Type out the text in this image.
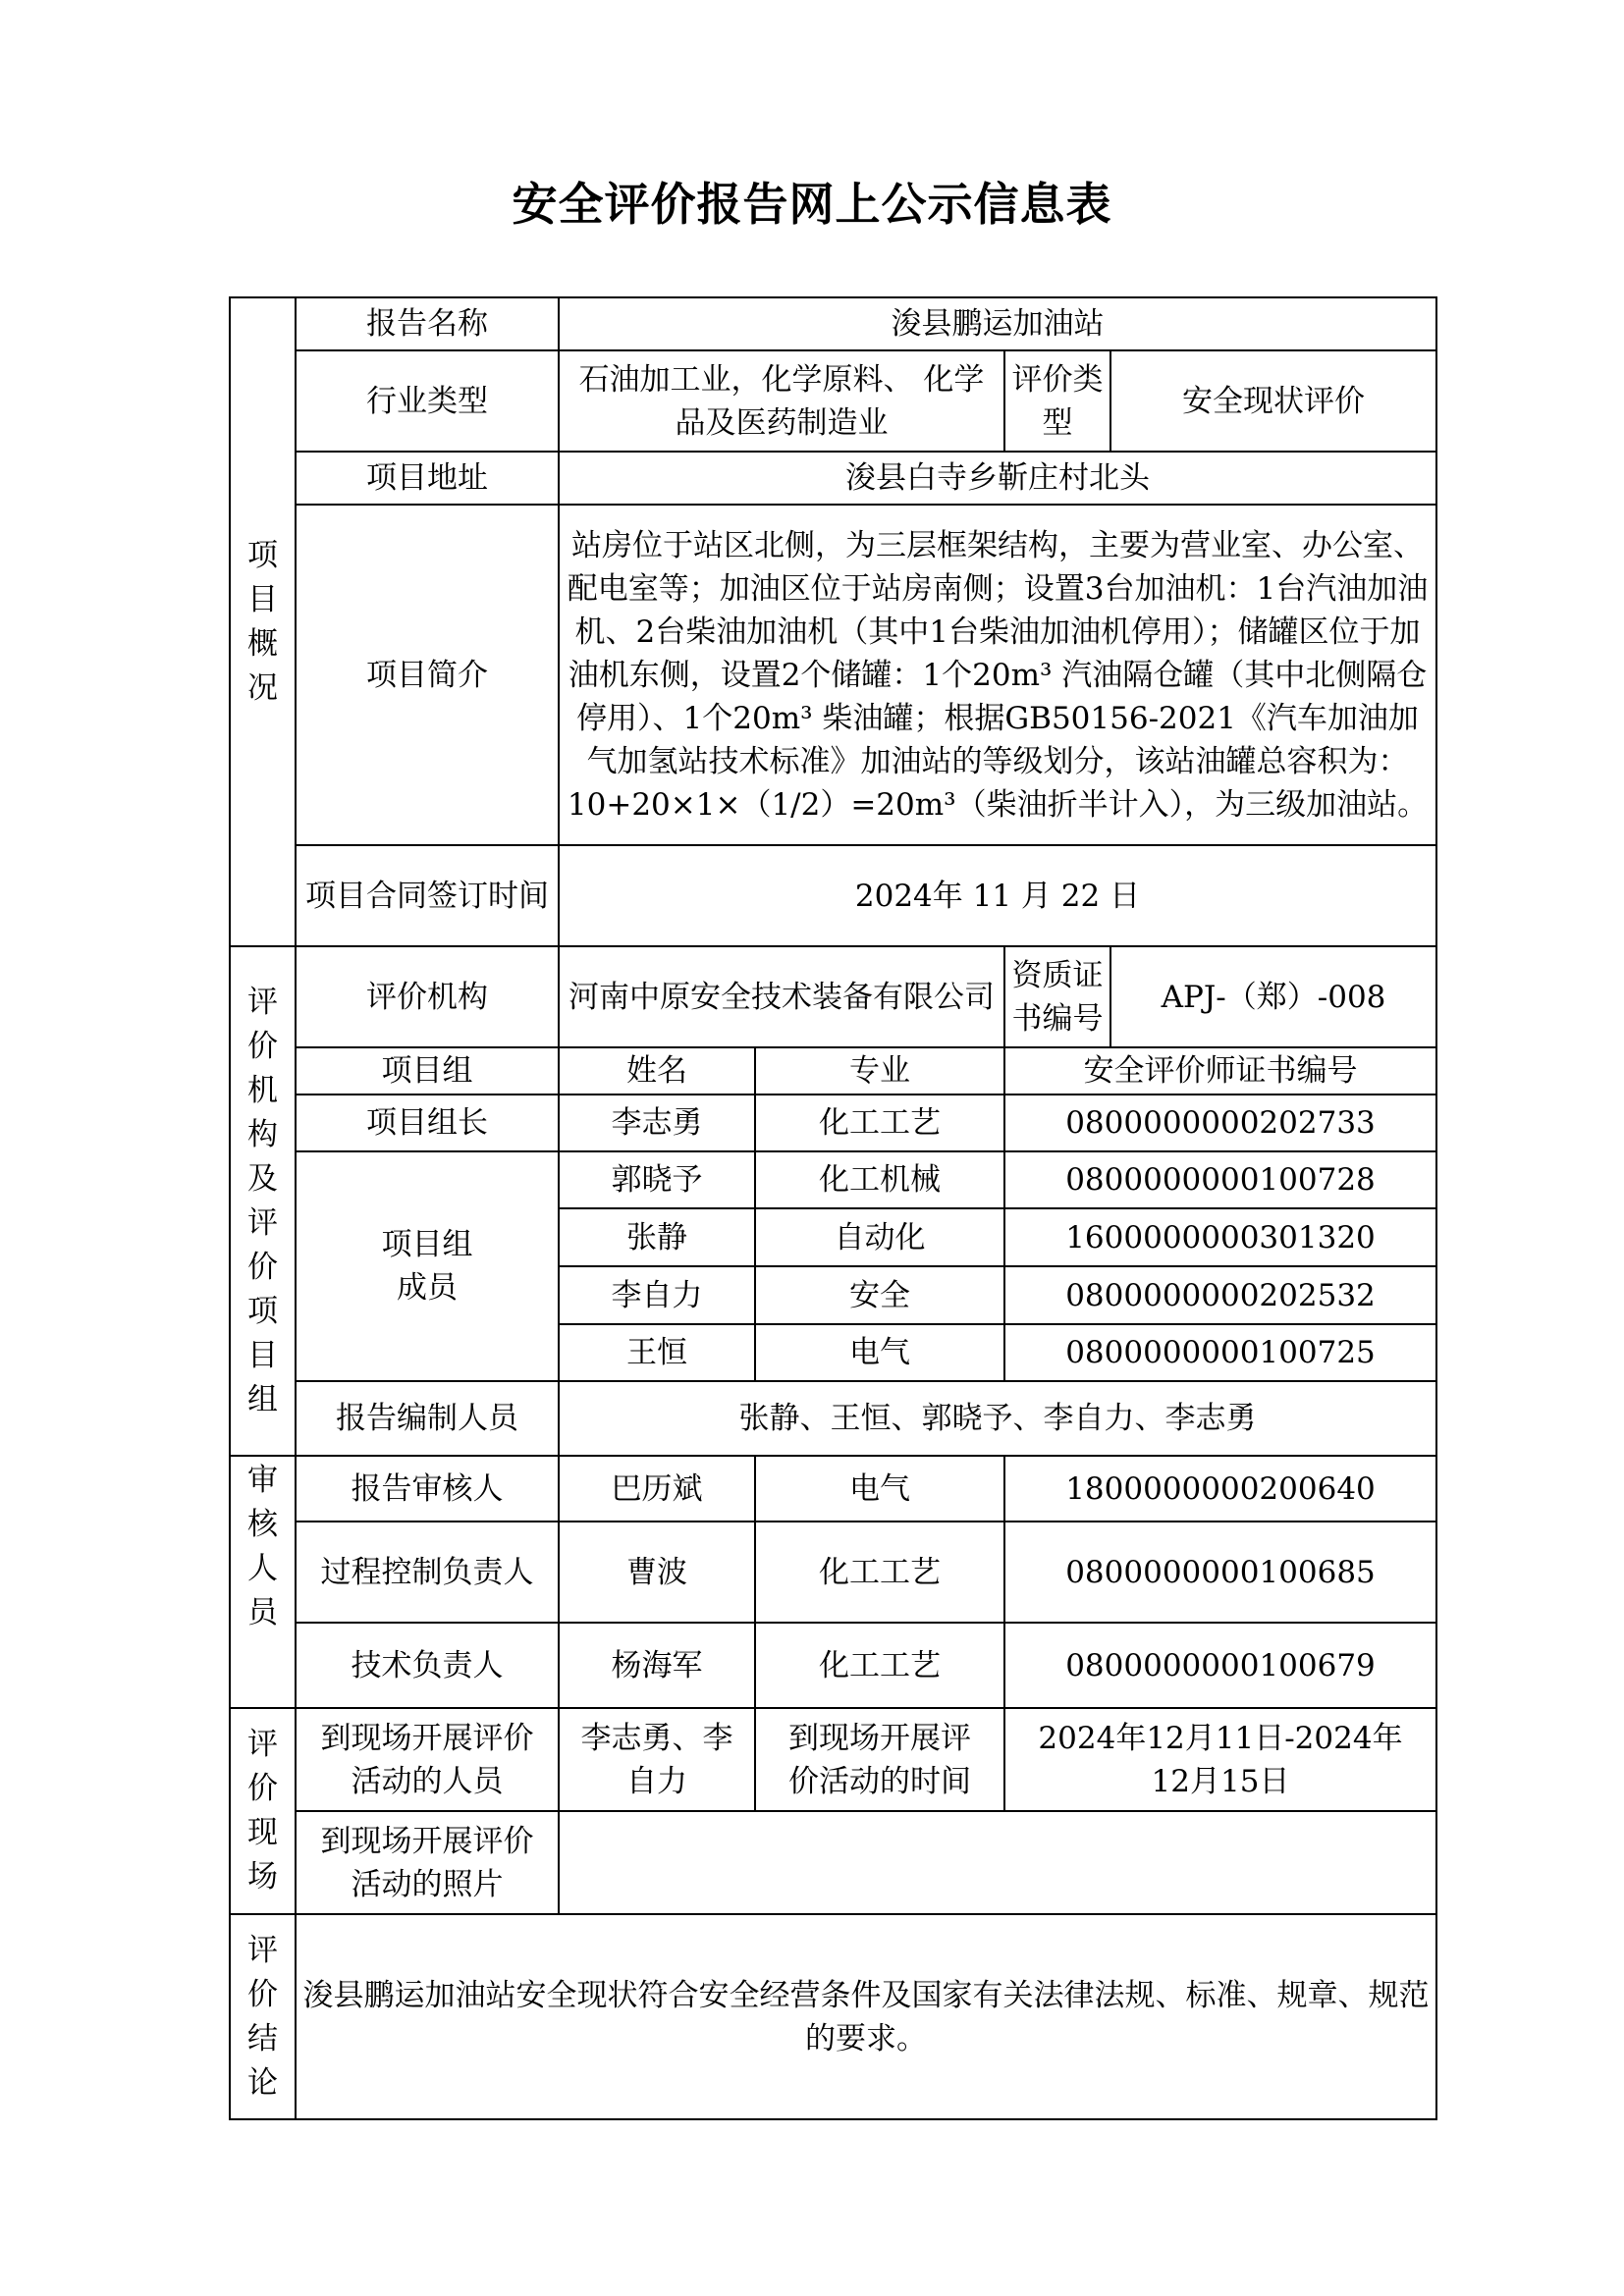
安全评价报告网上公示信息表
项目概况	报告名称	浚县鹏运加油站			
	行业类型	石油加工业，化学原料、 化学品及医药制造业		评价类型	安全现状评价
	项目地址	浚县白寺乡靳庄村北头			
	项目简介	站房位于站区北侧，为三层框架结构，主要为营业室、办公室、配电室等；加油区位于站房南侧；设置3台加油机：1台汽油加油机、2台柴油加油机（其中1台柴油加油机停用）；储罐区位于加油机东侧，设置2个储罐：1个20m³ 汽油隔仓罐（其中北侧隔仓停用）、1个20m³ 柴油罐；根据GB50156-2021《汽车加油加气加氢站技术标准》加油站的等级划分，该站油罐总容积为：10+20×1×（1/2）=20m³（柴油折半计入），为三级加油站。			
	项目合同签订时间	2024年 11 月 22 日			
评价机构及评价项目组	评价机构	河南中原安全技术装备有限公司		资质证书编号	APJ-（郑）-008
	项目组	姓名	专业	安全评价师证书编号	
	项目组长	李志勇	化工工艺	0800000000202733	
	项目组成员	郭晓予	化工机械	0800000000100728	
		张静	自动化	1600000000301320	
		李自力	安全	0800000000202532	
		王恒	电气	0800000000100725	
	报告编制人员	张静、王恒、郭晓予、李自力、李志勇			
审核人员	报告审核人	巴历斌	电气	1800000000200640	
	过程控制负责人	曹波	化工工艺	0800000000100685	
	技术负责人	杨海军	化工工艺	0800000000100679	
评价现场	到现场开展评价活动的人员	李志勇、李自力	到现场开展评价活动的时间	2024年12月11日-2024年12月15日	
	到现场开展评价活动的照片				
评价结论	浚县鹏运加油站安全现状符合安全经营条件及国家有关法律法规、标准、规章、规范的要求。				
